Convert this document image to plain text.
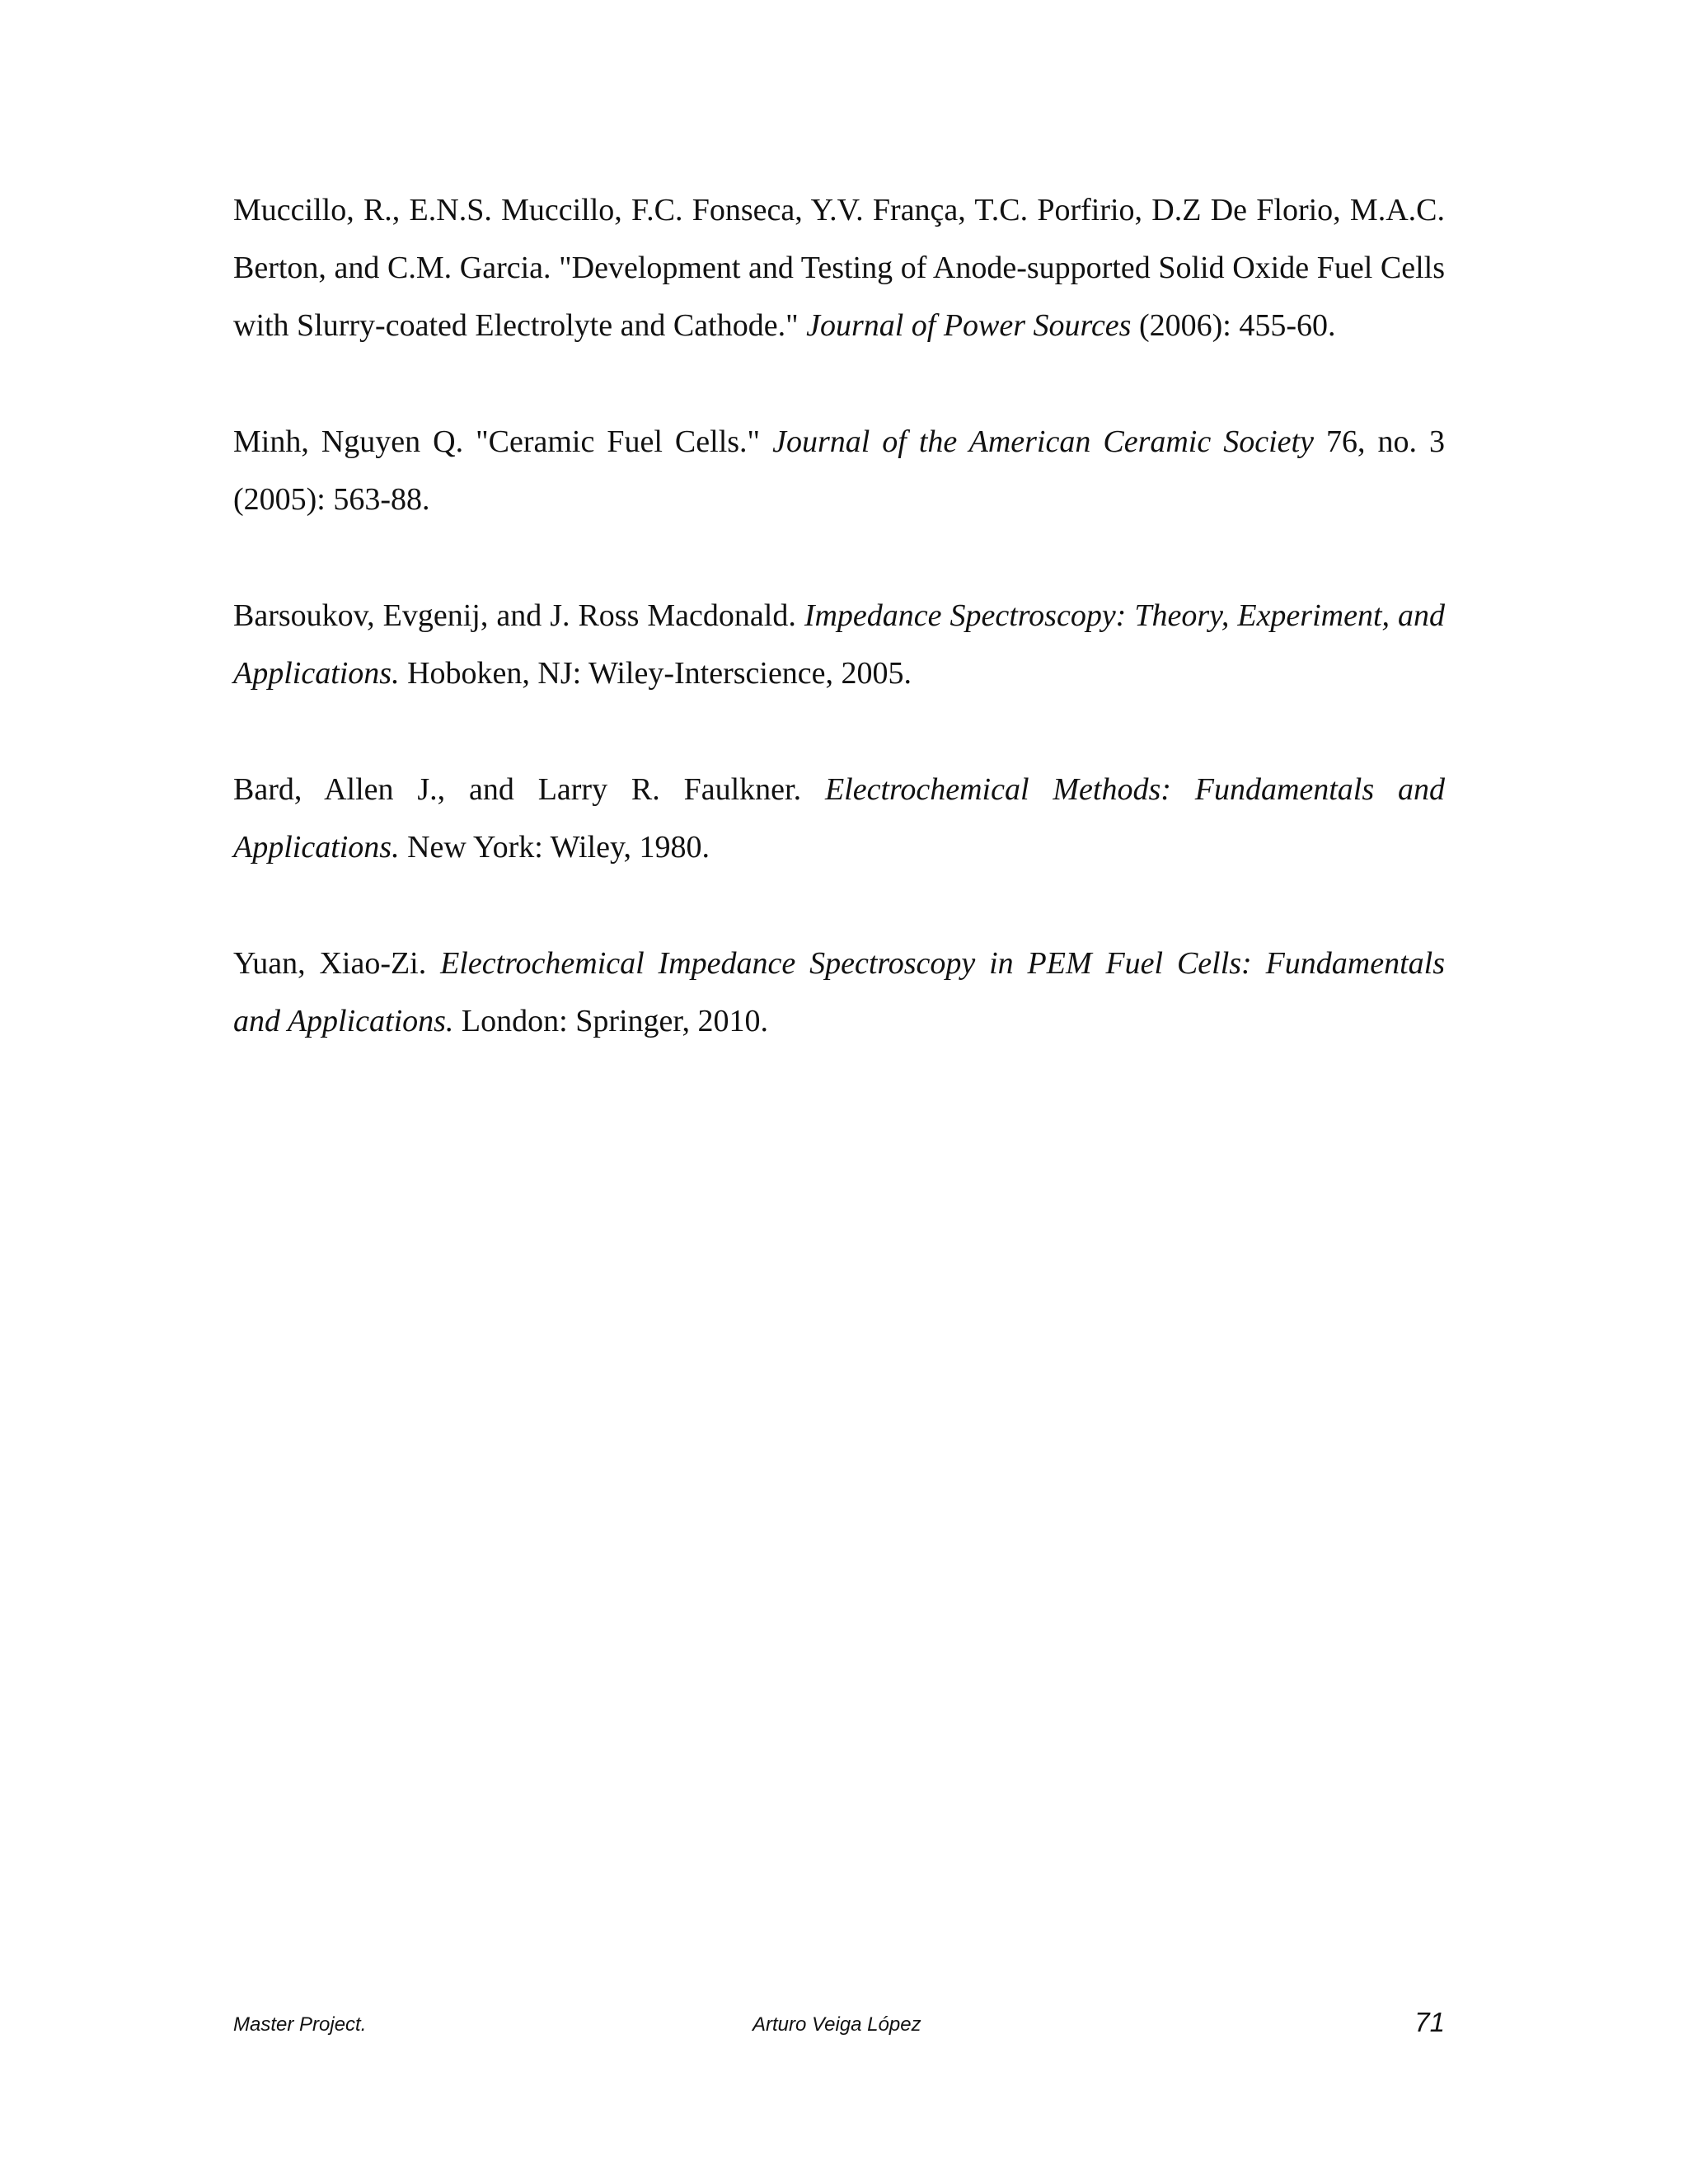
Muccillo, R., E.N.S. Muccillo, F.C. Fonseca, Y.V. França, T.C. Porfirio, D.Z De Florio, M.A.C. Berton, and C.M. Garcia. "Development and Testing of Anode-supported Solid Oxide Fuel Cells with Slurry-coated Electrolyte and Cathode." Journal of Power Sources (2006): 455-60.

Minh, Nguyen Q. "Ceramic Fuel Cells." Journal of the American Ceramic Society 76, no. 3 (2005): 563-88.

Barsoukov, Evgenij, and J. Ross Macdonald. Impedance Spectroscopy: Theory, Experiment, and Applications. Hoboken, NJ: Wiley-Interscience, 2005.

Bard, Allen J., and Larry R. Faulkner. Electrochemical Methods: Fundamentals and Applications. New York: Wiley, 1980.

Yuan, Xiao-Zi. Electrochemical Impedance Spectroscopy in PEM Fuel Cells: Fundamentals and Applications. London: Springer, 2010.

Master Project.	Arturo Veiga López	71
